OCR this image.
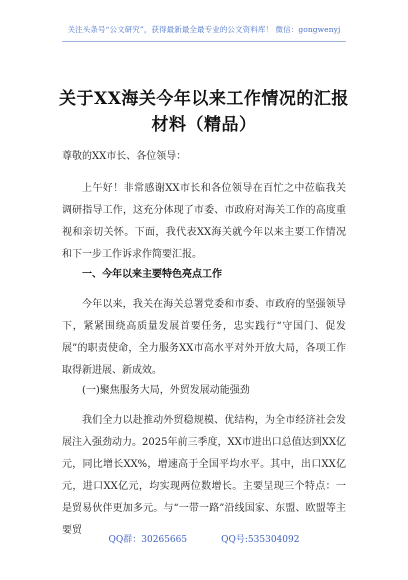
关注头条号“公文研究”，获得最新最全最专业的公文资料库！ 微信：gongwenyj
关于XX海关今年以来工作情况的汇报材料（精品）
尊敬的XX市长、各位领导：
上午好！非常感谢XX市长和各位领导在百忙之中莅临我关调研指导工作，这充分体现了市委、市政府对海关工作的高度重视和亲切关怀。下面，我代表XX海关就今年以来主要工作情况和下一步工作诉求作简要汇报。
一、今年以来主要特色亮点工作
今年以来，我关在海关总署党委和市委、市政府的坚强领导下，紧紧围绕高质量发展首要任务，忠实践行“守国门、促发展”的职责使命，全力服务XX市高水平对外开放大局，各项工作取得新进展、新成效。
(一)聚焦服务大局，外贸发展动能强劲
我们全力以赴推动外贸稳规模、优结构，为全市经济社会发展注入强劲动力。2025年前三季度，XX市进出口总值达到XX亿元，同比增长XX%，增速高于全国平均水平。其中，出口XX亿元，进口XX亿元，均实现两位数增长。主要呈现三个特点：一是贸易伙伴更加多元。与“一带一路”沿线国家、东盟、欧盟等主要贸
QQ群：30265665	QQ号:535304092
